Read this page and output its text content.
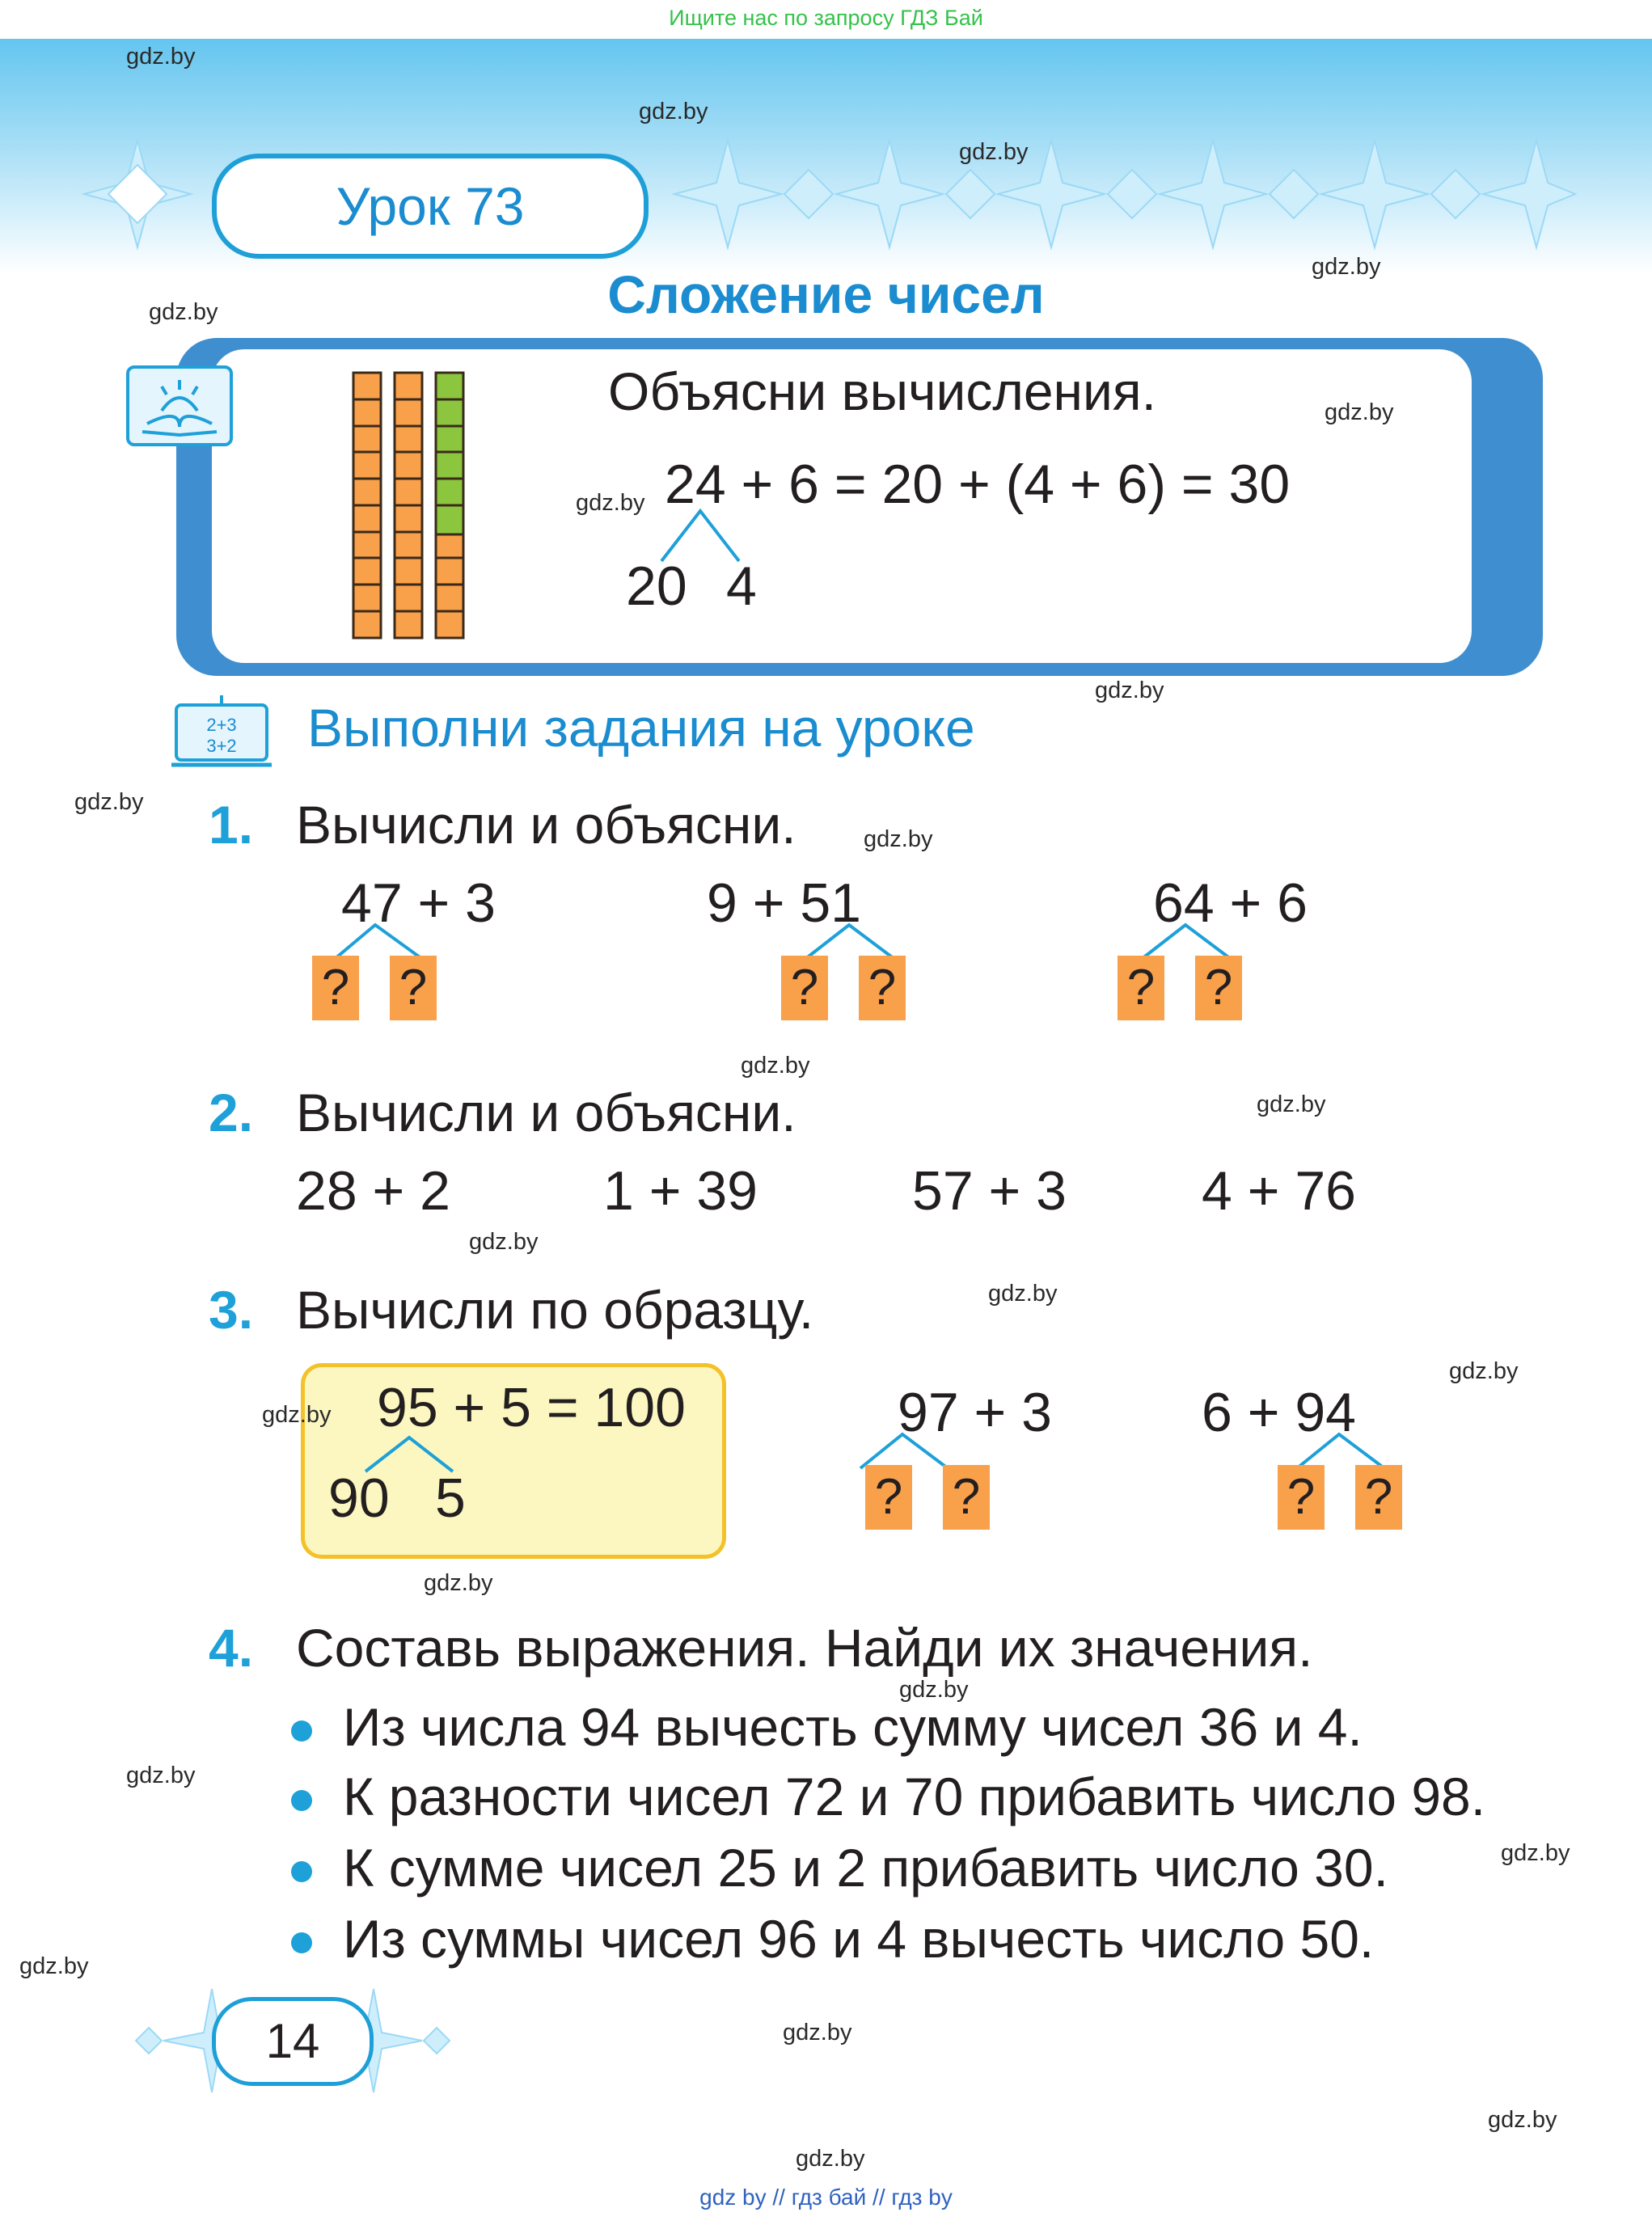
Ищите нас по запросу ГДЗ Бай
Урок 73
Сложение чисел
Объясни вычисления.
24 + 6 = 20 + (4 + 6) = 30
20 4
2+3
3+2 Выполни задания на уроке
1. Вычисли и объясни.
47 + 3	9 + 51	64 + 6
? ?	? ?	? ?
2. Вычисли и объясни.
28 + 2	1 + 39	57 + 3 4 + 76
3. Вычисли по образцу.
95 + 5 = 100
90 5
97 + 3	6 + 94
? ?	? ?
4. Составь выражения. Найди их значения.
Из числа 94 вычесть сумму чисел 36 и 4.
К разности чисел 72 и 70 прибавить число 98.
К сумме чисел 25 и 2 прибавить число 30.
Из суммы чисел 96 и 4 вычесть число 50.
14
gdz.by
gdz.by
gdz.by
gdz.by
gdz.by
gdz.by
gdz.by
gdz.by
gdz.by
gdz.by
gdz.by
gdz.by
gdz.by
gdz.by
gdz.by
gdz.by
gdz.by
gdz.by
gdz.by
gdz.by
gdz.by
gdz.by
gdz.by
gdz.by
gdz by // гдз бай // гдз by
